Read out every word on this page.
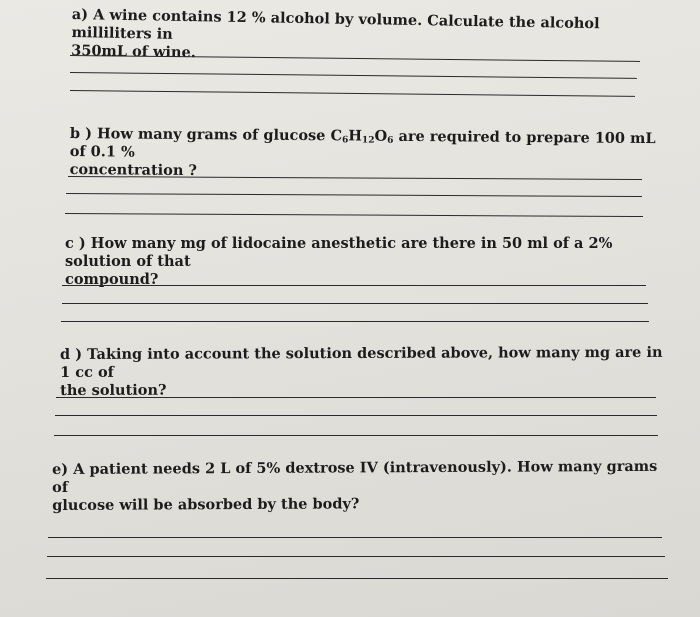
a) A wine contains 12 % alcohol by volume. Calculate the alcohol milliliters in

350mL of wine.

b ) How many grams of glucose $C_6H_{12}O_6$ are required to prepare 100 mL of 0.1 %

concentration ?

c ) How many mg of lidocaine anesthetic are there in 50 ml of a 2% solution of that

compound?

d ) Taking into account the solution described above, how many mg are in 1 cc of

the solution?

e) A patient needs 2 L of 5% dextrose IV (intravenously). How many grams of

glucose will be absorbed by the body?
